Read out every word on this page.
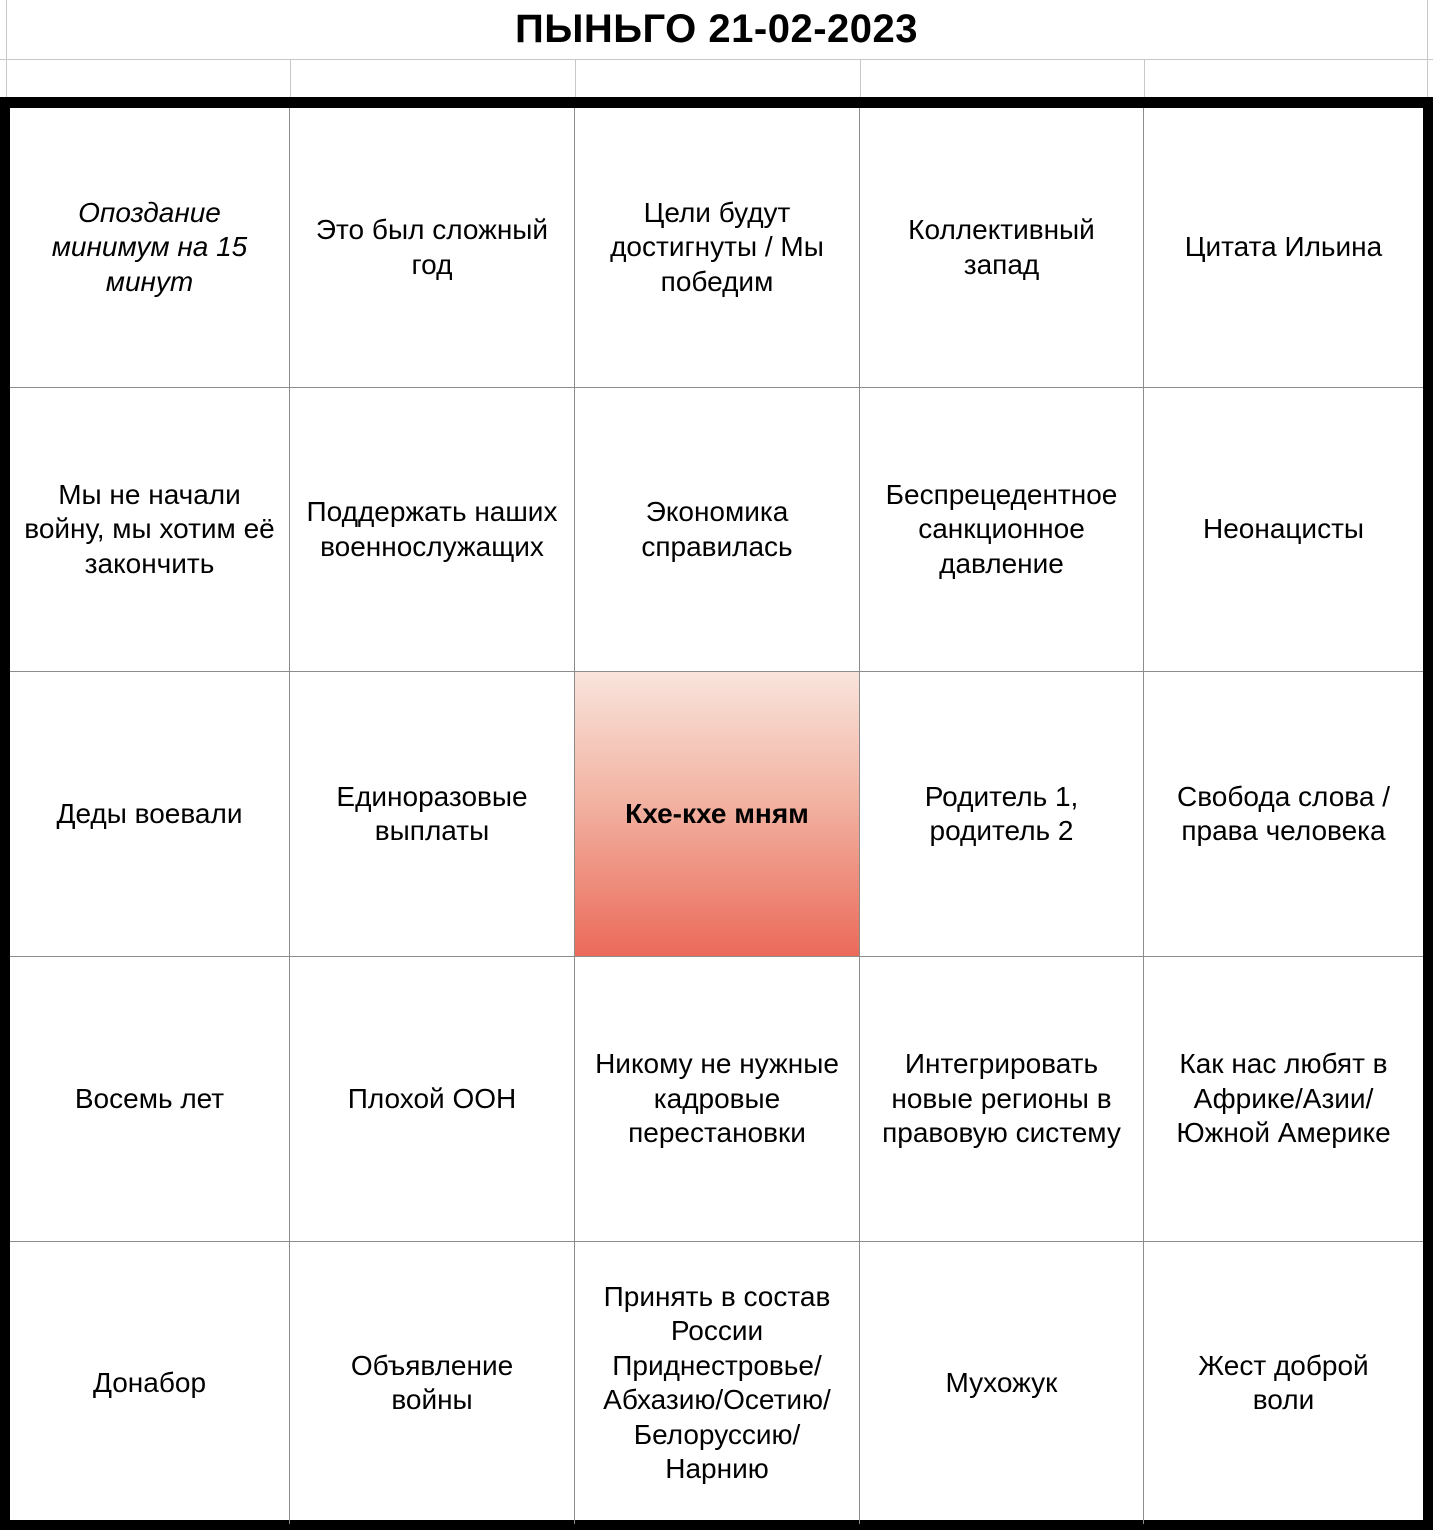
ПЫНЬГО 21-02-2023
Опоздание минимум на 15 минут
Это был сложный год
Цели будут достигнуты / Мы победим
Коллективный запад
Цитата Ильина
Мы не начали войну, мы хотим её закончить
Поддержать наших военнослужащих
Экономика справилась
Беспрецедентное санкционное давление
Неонацисты
Деды воевали
Единоразовые выплаты
Кхе-кхе мням
Родитель 1, родитель 2
Свобода слова / права человека
Восемь лет	Плохой ООН
Никому не нужные кадровые перестановки
Интегрировать новые регионы в правовую систему
Как нас любят в Африке/Азии/ Южной Америке
Донабор
Объявление войны
Принять в состав России Приднестровье/ Абхазию/Осетию/ Белоруссию/ Нарнию
Мухожук
Жест доброй воли
